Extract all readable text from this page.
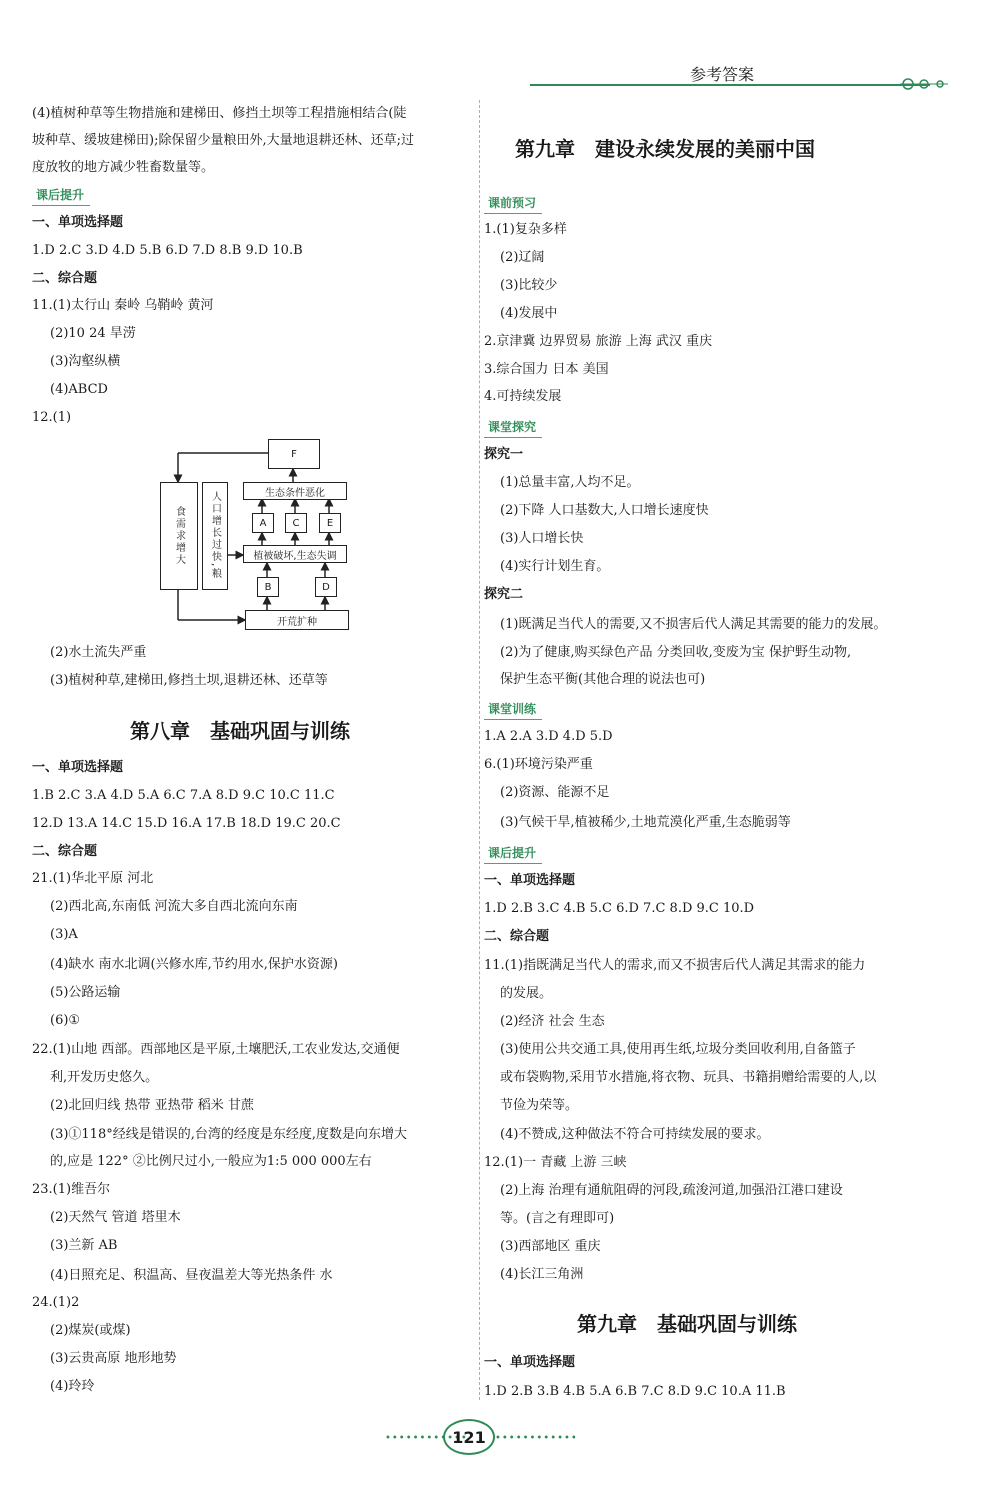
参考答案
(4)植树种草等生物措施和建梯田、修挡土坝等工程措施相结合(陡
坡种草、缓坡建梯田);除保留少量粮田外,大量地退耕还林、还草;过
度放牧的地方减少牲畜数量等。
一、单项选择题
1.D 2.C 3.D 4.D 5.B 6.D 7.D 8.B 9.D 10.B
二、综合题
11.(1)太行山 秦岭 乌鞘岭 黄河
(2)10 24 旱涝
(3)沟壑纵横
(4)ABCD
12.(1)
(2)水土流失严重
(3)植树种草,建梯田,修挡土坝,退耕还林、还草等
一、单项选择题
1.B 2.C 3.A 4.D 5.A 6.C 7.A 8.D 9.C 10.C 11.C
12.D 13.A 14.C 15.D 16.A 17.B 18.D 19.C 20.C
二、综合题
21.(1)华北平原 河北
(2)西北高,东南低 河流大多自西北流向东南
(3)A
(4)缺水 南水北调(兴修水库,节约用水,保护水资源)
(5)公路运输
(6)①
22.(1)山地 西部。西部地区是平原,土壤肥沃,工农业发达,交通便
利,开发历史悠久。
(2)北回归线 热带 亚热带 稻米 甘蔗
(3)①118°经线是错误的,台湾的经度是东经度,度数是向东增大
的,应是 122° ②比例尺过小,一般应为1:5 000 000左右
23.(1)维吾尔
(2)天然气 管道 塔里木
(3)兰新 AB
(4)日照充足、积温高、昼夜温差大等光热条件 水
24.(1)2
(2)煤炭(或煤)
(3)云贵高原 地形地势
(4)玲玲
1.(1)复杂多样
(2)辽阔
(3)比较少
(4)发展中
2.京津冀 边界贸易 旅游 上海 武汉 重庆
3.综合国力 日本 美国
4.可持续发展
探究一
(1)总量丰富,人均不足。
(2)下降 人口基数大,人口增长速度快
(3)人口增长快
(4)实行计划生育。
探究二
(1)既满足当代人的需要,又不损害后代人满足其需要的能力的发展。
(2)为了健康,购买绿色产品 分类回收,变废为宝 保护野生动物,
保护生态平衡(其他合理的说法也可)
1.A 2.A 3.D 4.D 5.D
6.(1)环境污染严重
(2)资源、能源不足
(3)气候干旱,植被稀少,土地荒漠化严重,生态脆弱等
一、单项选择题
1.D 2.B 3.C 4.B 5.C 6.D 7.C 8.D 9.C 10.D
二、综合题
11.(1)指既满足当代人的需求,而又不损害后代人满足其需求的能力
的发展。
(2)经济 社会 生态
(3)使用公共交通工具,使用再生纸,垃圾分类回收利用,自备篮子
或布袋购物,采用节水措施,将衣物、玩具、书籍捐赠给需要的人,以
节俭为荣等。
(4)不赞成,这种做法不符合可持续发展的要求。
12.(1)一 青藏 上游 三峡
(2)上海 治理有通航阻碍的河段,疏浚河道,加强沿江港口建设
等。(言之有理即可)
(3)西部地区 重庆
(4)长江三角洲
一、单项选择题
1.D 2.B 3.B 4.B 5.A 6.B 7.C 8.D 9.C 10.A 11.B
课后提升
课前预习
课堂探究
课堂训练
课后提升
第九章 建设永续发展的美丽中国
第八章 基础巩固与训练
第九章 基础巩固与训练
F
生态条件恶化
A	C	E
植被破坏,生态失调
B	D
开荒扩种
食需求增大	人口增长过快,粮
••••••••••••
121 ••••••••••••
